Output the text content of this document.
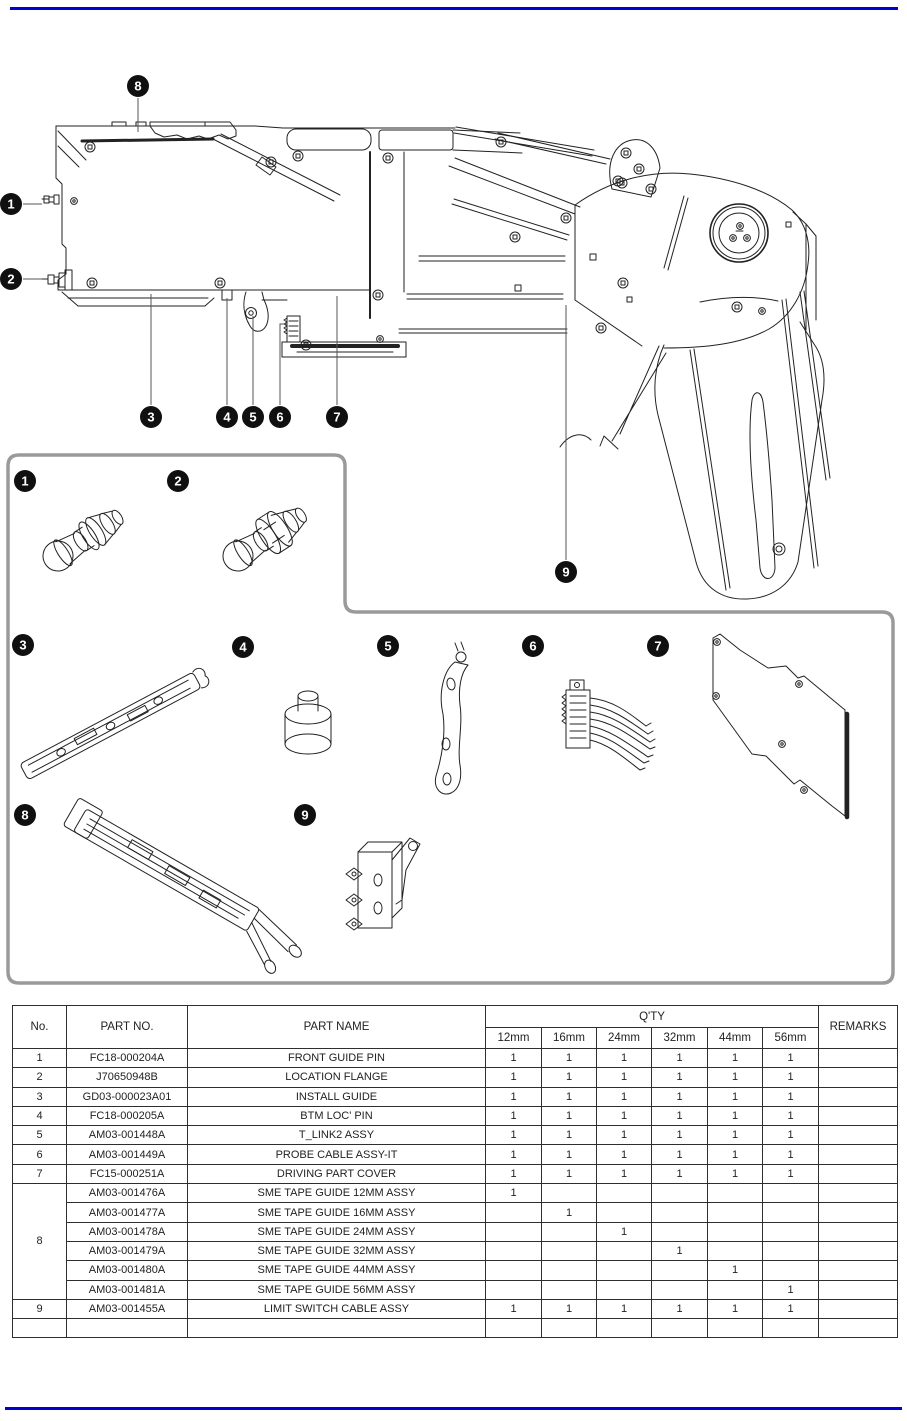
8
1
2
3	4 5 6	7
9
1	2
3	4	5	6	7
8	9
No.	PART NO.	PART NAME	Q'TY						REMARKS
			12mm	16mm	24mm	32mm	44mm	56mm	
1	FC18-000204A	FRONT GUIDE PIN	1	1	1	1	1	1	
2	J70650948B	LOCATION FLANGE	1	1	1	1	1	1	
3	GD03-000023A01	INSTALL GUIDE	1	1	1	1	1	1	
4	FC18-000205A	BTM LOC' PIN	1	1	1	1	1	1	
5	AM03-001448A	T_LINK2 ASSY	1	1	1	1	1	1	
6	AM03-001449A	PROBE CABLE ASSY-IT	1	1	1	1	1	1	
7	FC15-000251A	DRIVING PART COVER	1	1	1	1	1	1	
8	AM03-001476A	SME TAPE GUIDE 12MM ASSY	1						
	AM03-001477A	SME TAPE GUIDE 16MM ASSY		1					
	AM03-001478A	SME TAPE GUIDE 24MM ASSY			1				
	AM03-001479A	SME TAPE GUIDE 32MM ASSY				1			
	AM03-001480A	SME TAPE GUIDE 44MM ASSY					1		
	AM03-001481A	SME TAPE GUIDE 56MM ASSY						1	
9	AM03-001455A	LIMIT SWITCH CABLE ASSY	1	1	1	1	1	1	
